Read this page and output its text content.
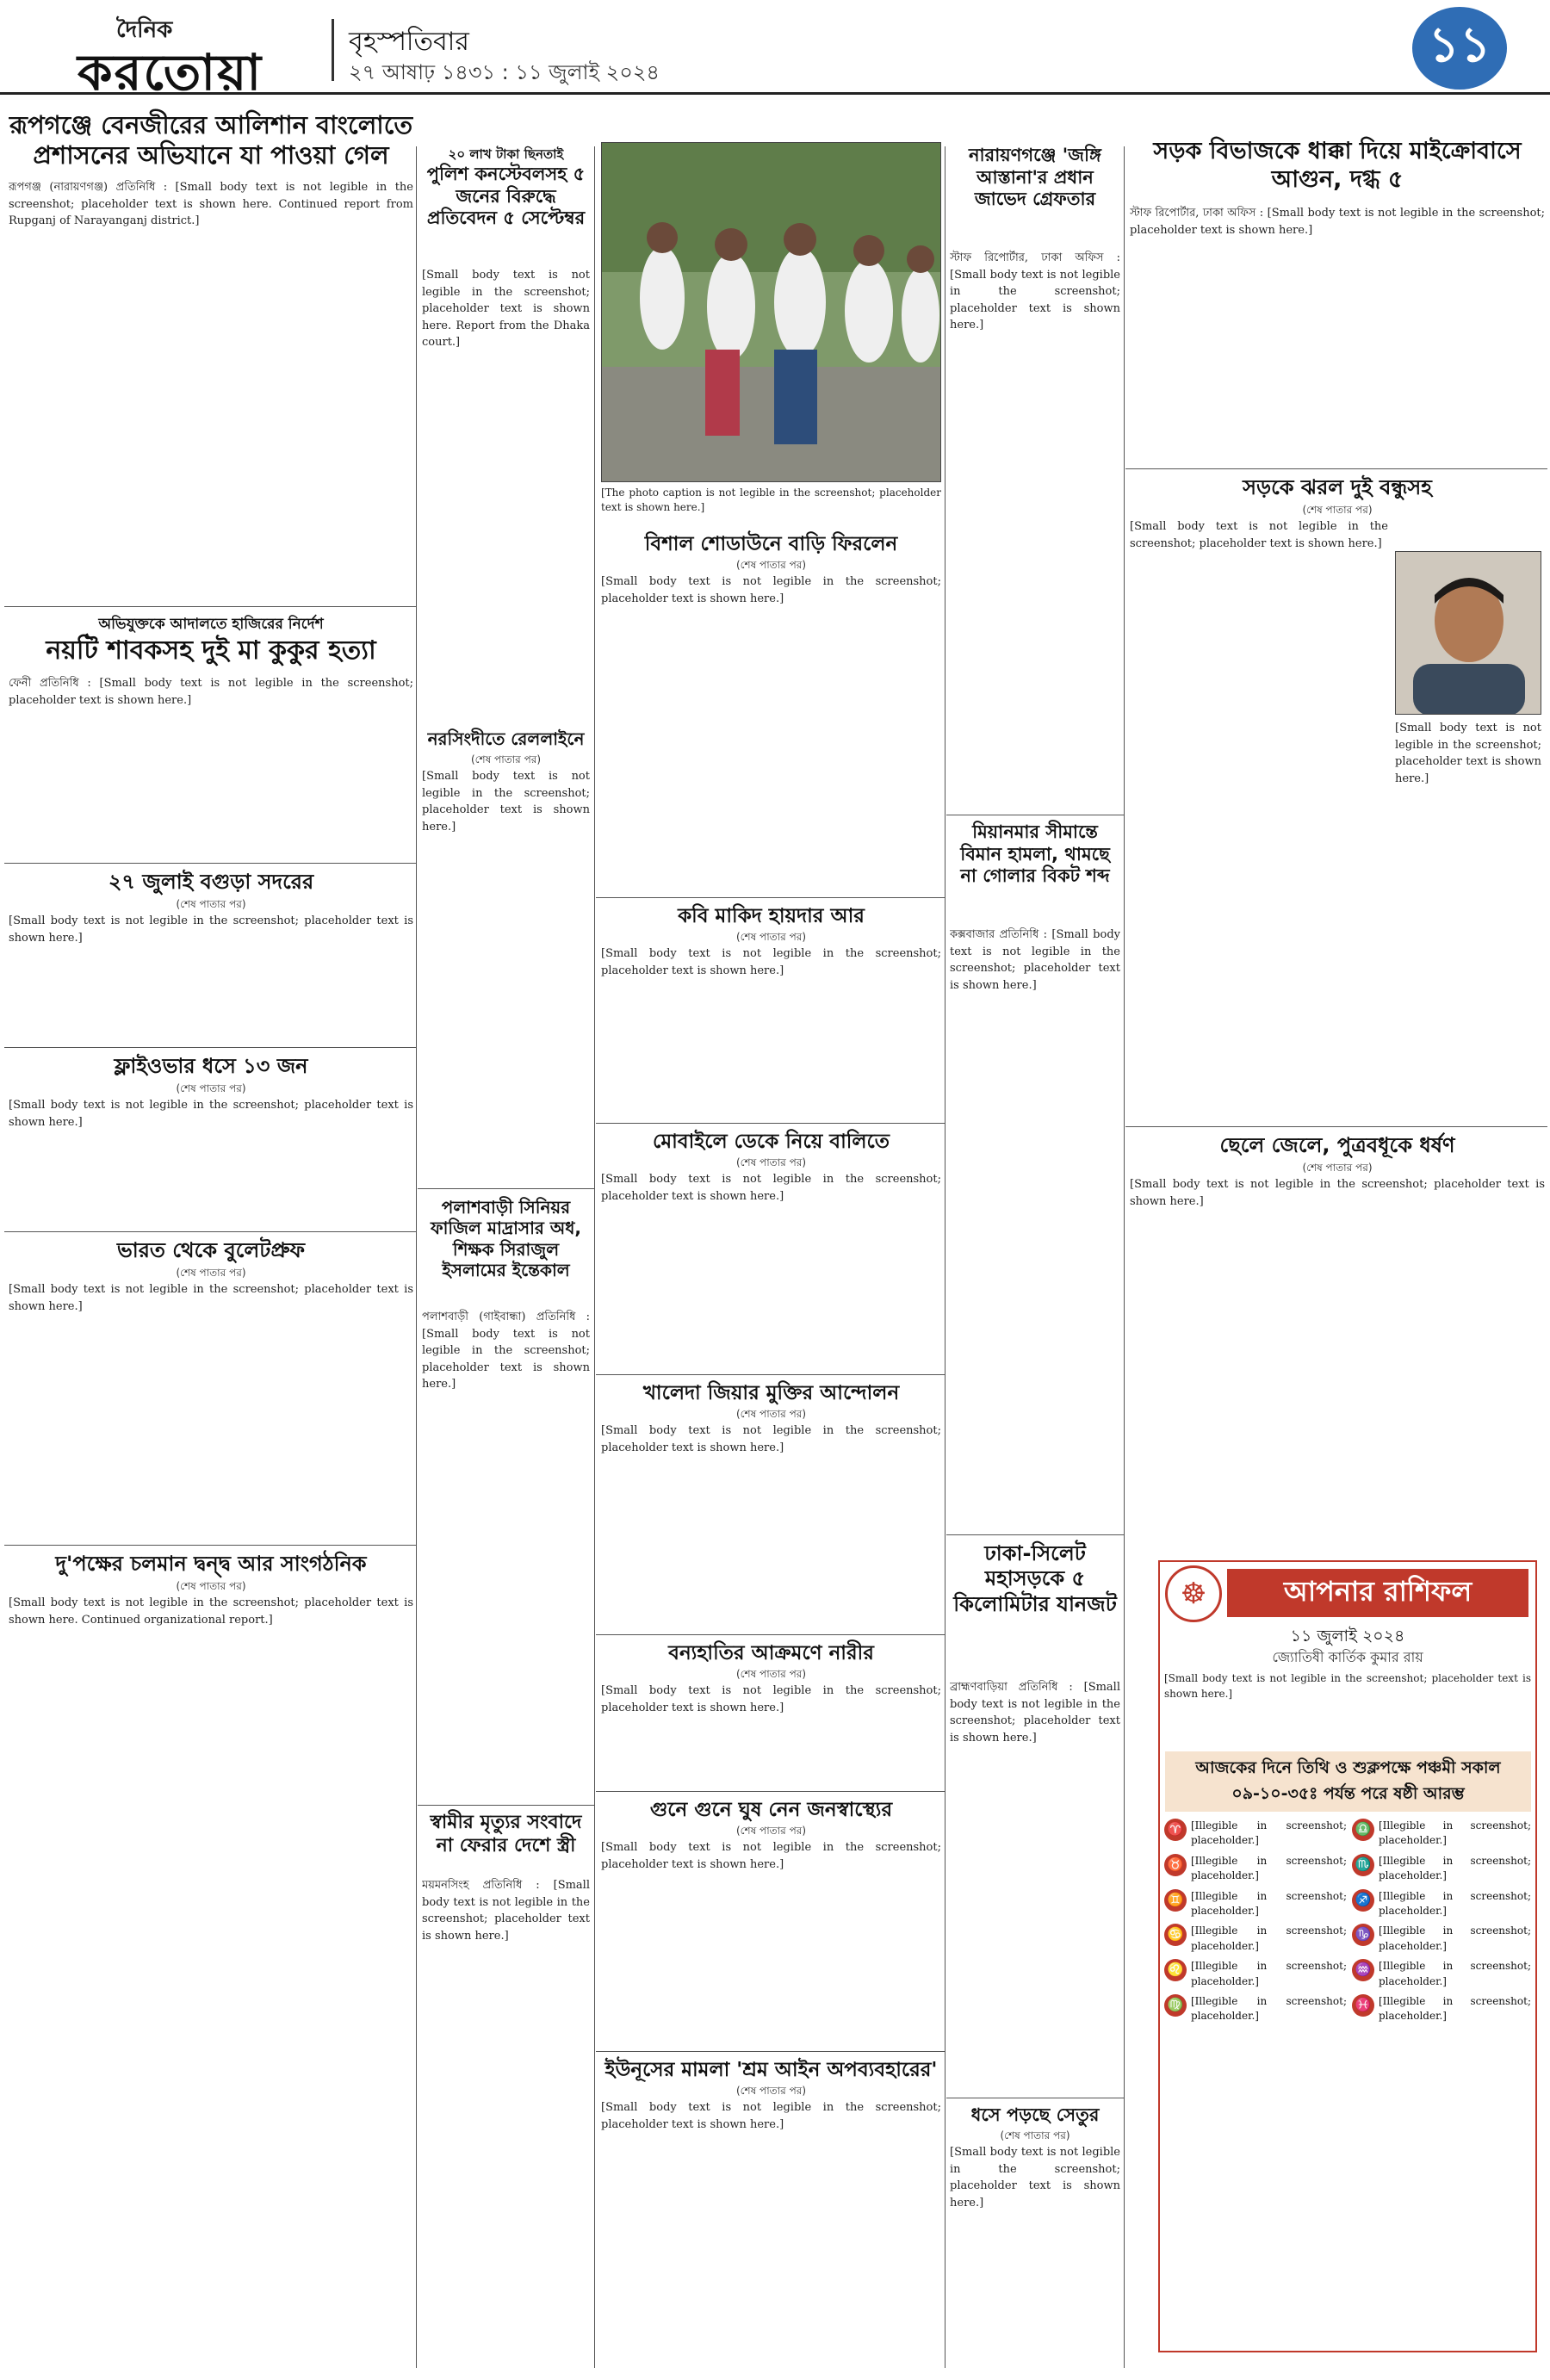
দৈনিক
করতোয়া
বৃহস্পতিবার
২৭ আষাঢ় ১৪৩১ : ১১ জুলাই ২০২৪	১১
রূপগঞ্জে বেনজীরের আলিশান বাংলোতে প্রশাসনের অভিযানে যা পাওয়া গেল
রূপগঞ্জ (নারায়ণগঞ্জ) প্রতিনিধি : [Small body text is not legible in the screenshot; placeholder text is shown here. Continued report from Rupganj of Narayanganj district.]
অভিযুক্তকে আদালতে হাজিরের নির্দেশ
নয়টি শাবকসহ দুই মা কুকুর হত্যা
ফেনী প্রতিনিধি : [Small body text is not legible in the screenshot; placeholder text is shown here.]
২৭ জুলাই বগুড়া সদরের
(শেষ পাতার পর)
[Small body text is not legible in the screenshot; placeholder text is shown here.]
ফ্লাইওভার ধসে ১৩ জন
(শেষ পাতার পর)
[Small body text is not legible in the screenshot; placeholder text is shown here.]
ভারত থেকে বুলেটপ্রুফ
(শেষ পাতার পর)
[Small body text is not legible in the screenshot; placeholder text is shown here.]
দু'পক্ষের চলমান দ্বন্দ্ব আর সাংগঠনিক
(শেষ পাতার পর)
[Small body text is not legible in the screenshot; placeholder text is shown here. Continued organizational report.]
২০ লাখ টাকা ছিনতাই
পুলিশ কনস্টেবলসহ ৫ জনের বিরুদ্ধে প্রতিবেদন ৫ সেপ্টেম্বর
[Small body text is not legible in the screenshot; placeholder text is shown here. Report from the Dhaka court.]
পলাশবাড়ী সিনিয়র ফাজিল মাদ্রাসার অধ, শিক্ষক সিরাজুল ইসলামের ইন্তেকাল
পলাশবাড়ী (গাইবান্ধা) প্রতিনিধি : [Small body text is not legible in the screenshot; placeholder text is shown here.]
স্বামীর মৃত্যুর সংবাদে না ফেরার দেশে স্ত্রী
ময়মনসিংহ প্রতিনিধি : [Small body text is not legible in the screenshot; placeholder text is shown here.]
[The photo caption is not legible in the screenshot; placeholder text is shown here.]
বিশাল শোডাউনে বাড়ি ফিরলেন
(শেষ পাতার পর)
[Small body text is not legible in the screenshot; placeholder text is shown here.]
কবি মাকিদ হায়দার আর
(শেষ পাতার পর)
[Small body text is not legible in the screenshot; placeholder text is shown here.]
মোবাইলে ডেকে নিয়ে বালিতে
(শেষ পাতার পর)
[Small body text is not legible in the screenshot; placeholder text is shown here.]
খালেদা জিয়ার মুক্তির আন্দোলন
(শেষ পাতার পর)
[Small body text is not legible in the screenshot; placeholder text is shown here.]
বন্যহাতির আক্রমণে নারীর
(শেষ পাতার পর)
[Small body text is not legible in the screenshot; placeholder text is shown here.]
গুনে গুনে ঘুষ নেন জনস্বাস্থ্যের
(শেষ পাতার পর)
[Small body text is not legible in the screenshot; placeholder text is shown here.]
ইউনূসের মামলা 'শ্রম আইন অপব্যবহারের'
(শেষ পাতার পর)
[Small body text is not legible in the screenshot; placeholder text is shown here.]
নরসিংদীতে রেললাইনে
(শেষ পাতার পর)
[Small body text is not legible in the screenshot; placeholder text is shown here.]
নারায়ণগঞ্জে 'জঙ্গি আস্তানা'র প্রধান জাভেদ গ্রেফতার
স্টাফ রিপোর্টার, ঢাকা অফিস : [Small body text is not legible in the screenshot; placeholder text is shown here.]
মিয়ানমার সীমান্তে বিমান হামলা, থামছে না গোলার বিকট শব্দ
কক্সবাজার প্রতিনিধি : [Small body text is not legible in the screenshot; placeholder text is shown here.]
ঢাকা-সিলেট মহাসড়কে ৫ কিলোমিটার যানজট
ব্রাহ্মণবাড়িয়া প্রতিনিধি : [Small body text is not legible in the screenshot; placeholder text is shown here.]
ধসে পড়ছে সেতুর
(শেষ পাতার পর)
[Small body text is not legible in the screenshot; placeholder text is shown here.]
সড়ক বিভাজকে ধাক্কা দিয়ে মাইক্রোবাসে আগুন, দগ্ধ ৫
স্টাফ রিপোর্টার, ঢাকা অফিস : [Small body text is not legible in the screenshot; placeholder text is shown here.]
সড়কে ঝরল দুই বন্ধুসহ
(শেষ পাতার পর)
[Small body text is not legible in the screenshot; placeholder text is shown here.]
[Small body text is not legible in the screenshot; placeholder text is shown here.]
ছেলে জেলে, পুত্রবধূকে ধর্ষণ
(শেষ পাতার পর)
[Small body text is not legible in the screenshot; placeholder text is shown here.]
☸	আপনার রাশিফল
১১ জুলাই ২০২৪
জ্যোতিষী কার্তিক কুমার রায়
[Small body text is not legible in the screenshot; placeholder text is shown here.]
আজকের দিনে তিথি ও শুক্লপক্ষে পঞ্চমী সকাল ০৯-১০-৩৫ঃ পর্যন্ত পরে ষষ্ঠী আরম্ভ
♈ [Illegible in screenshot; placeholder.]
♉ [Illegible in screenshot; placeholder.]
♊ [Illegible in screenshot; placeholder.]
♋ [Illegible in screenshot; placeholder.]
♌ [Illegible in screenshot; placeholder.]
♍ [Illegible in screenshot; placeholder.]
♎ [Illegible in screenshot; placeholder.]
♏ [Illegible in screenshot; placeholder.]
♐ [Illegible in screenshot; placeholder.]
♑ [Illegible in screenshot; placeholder.]
♒ [Illegible in screenshot; placeholder.]
♓ [Illegible in screenshot; placeholder.]
